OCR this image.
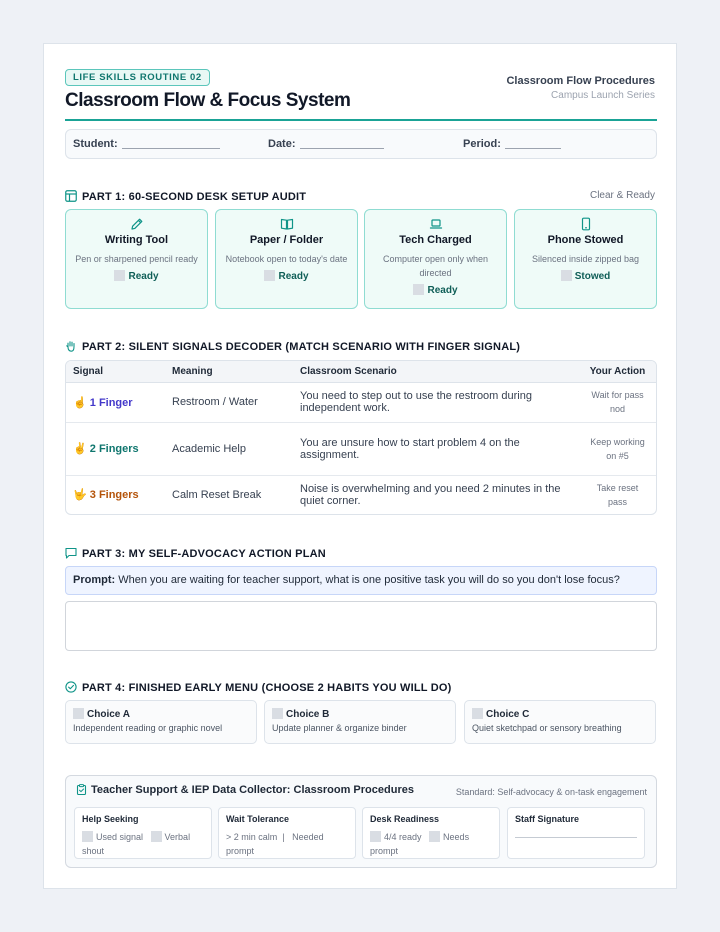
LIFE SKILLS ROUTINE 02
Classroom Flow & Focus System
Classroom Flow Procedures
Campus Launch Series
Student:	Date:	Period:
PART 1: 60-SECOND DESK SETUP AUDIT	Clear & Ready
Writing Tool
Pen or sharpened pencil ready
Ready
Paper / Folder
Notebook open to today's date
Ready
Tech Charged
Computer open only when directed
Ready
Phone Stowed
Silenced inside zipped bag
Stowed
PART 2: SILENT SIGNALS DECODER (MATCH SCENARIO WITH FINGER SIGNAL)
Signal	Meaning	Classroom Scenario	Your Action
☝ 1 Finger	Restroom / Water	You need to step out to use the restroom during independent work.	Wait for pass nod
✌ 2 Fingers	Academic Help	You are unsure how to start problem 4 on the assignment.	Keep working on #5
🤟 3 Fingers	Calm Reset Break	Noise is overwhelming and you need 2 minutes in the quiet corner.	Take reset pass
PART 3: MY SELF-ADVOCACY ACTION PLAN
Prompt: When you are waiting for teacher support, what is one positive task you will do so you don't lose focus?
PART 4: FINISHED EARLY MENU (CHOOSE 2 HABITS YOU WILL DO)
Choice A
Independent reading or graphic novel
Choice B
Update planner & organize binder
Choice C
Quiet sketchpad or sensory breathing
Teacher Support & IEP Data Collector: Classroom Procedures	Standard: Self-advocacy & on-task engagement
Help Seeking
Used signal Verbal shout
Wait Tolerance
> 2 min calm | Needed prompt
Desk Readiness
4/4 ready Needs prompt
Staff Signature
